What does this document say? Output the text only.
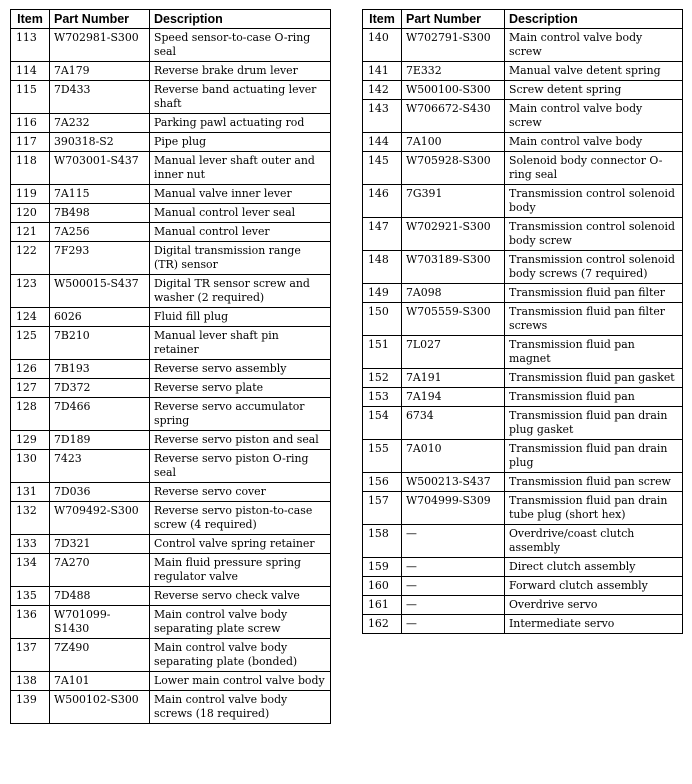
Item	Part Number	Description
113	W702981-S300	Speed sensor-to-case O-ring seal
114	7A179	Reverse brake drum lever
115	7D433	Reverse band actuating lever shaft
116	7A232	Parking pawl actuating rod
117	390318-S2	Pipe plug
118	W703001-S437	Manual lever shaft outer and inner nut
119	7A115	Manual valve inner lever
120	7B498	Manual control lever seal
121	7A256	Manual control lever
122	7F293	Digital transmission range (TR) sensor
123	W500015-S437	Digital TR sensor screw and washer (2 required)
124	6026	Fluid fill plug
125	7B210	Manual lever shaft pin retainer
126	7B193	Reverse servo assembly
127	7D372	Reverse servo plate
128	7D466	Reverse servo accumulator spring
129	7D189	Reverse servo piston and seal
130	7423	Reverse servo piston O-ring seal
131	7D036	Reverse servo cover
132	W709492-S300	Reverse servo piston-to-case screw (4 required)
133	7D321	Control valve spring retainer
134	7A270	Main fluid pressure spring regulator valve
135	7D488	Reverse servo check valve
136	W701099-S1430	Main control valve body separating plate screw
137	7Z490	Main control valve body separating plate (bonded)
138	7A101	Lower main control valve body
139	W500102-S300	Main control valve body screws (18 required)
Item	Part Number	Description
140	W702791-S300	Main control valve body screw
141	7E332	Manual valve detent spring
142	W500100-S300	Screw detent spring
143	W706672-S430	Main control valve body screw
144	7A100	Main control valve body
145	W705928-S300	Solenoid body connector O-ring seal
146	7G391	Transmission control solenoid body
147	W702921-S300	Transmission control solenoid body screw
148	W703189-S300	Transmission control solenoid body screws (7 required)
149	7A098	Transmission fluid pan filter
150	W705559-S300	Transmission fluid pan filter screws
151	7L027	Transmission fluid pan magnet
152	7A191	Transmission fluid pan gasket
153	7A194	Transmission fluid pan
154	6734	Transmission fluid pan drain plug gasket
155	7A010	Transmission fluid pan drain plug
156	W500213-S437	Transmission fluid pan screw
157	W704999-S309	Transmission fluid pan drain tube plug (short hex)
158	—	Overdrive/coast clutch assembly
159	—	Direct clutch assembly
160	—	Forward clutch assembly
161	—	Overdrive servo
162	—	Intermediate servo
